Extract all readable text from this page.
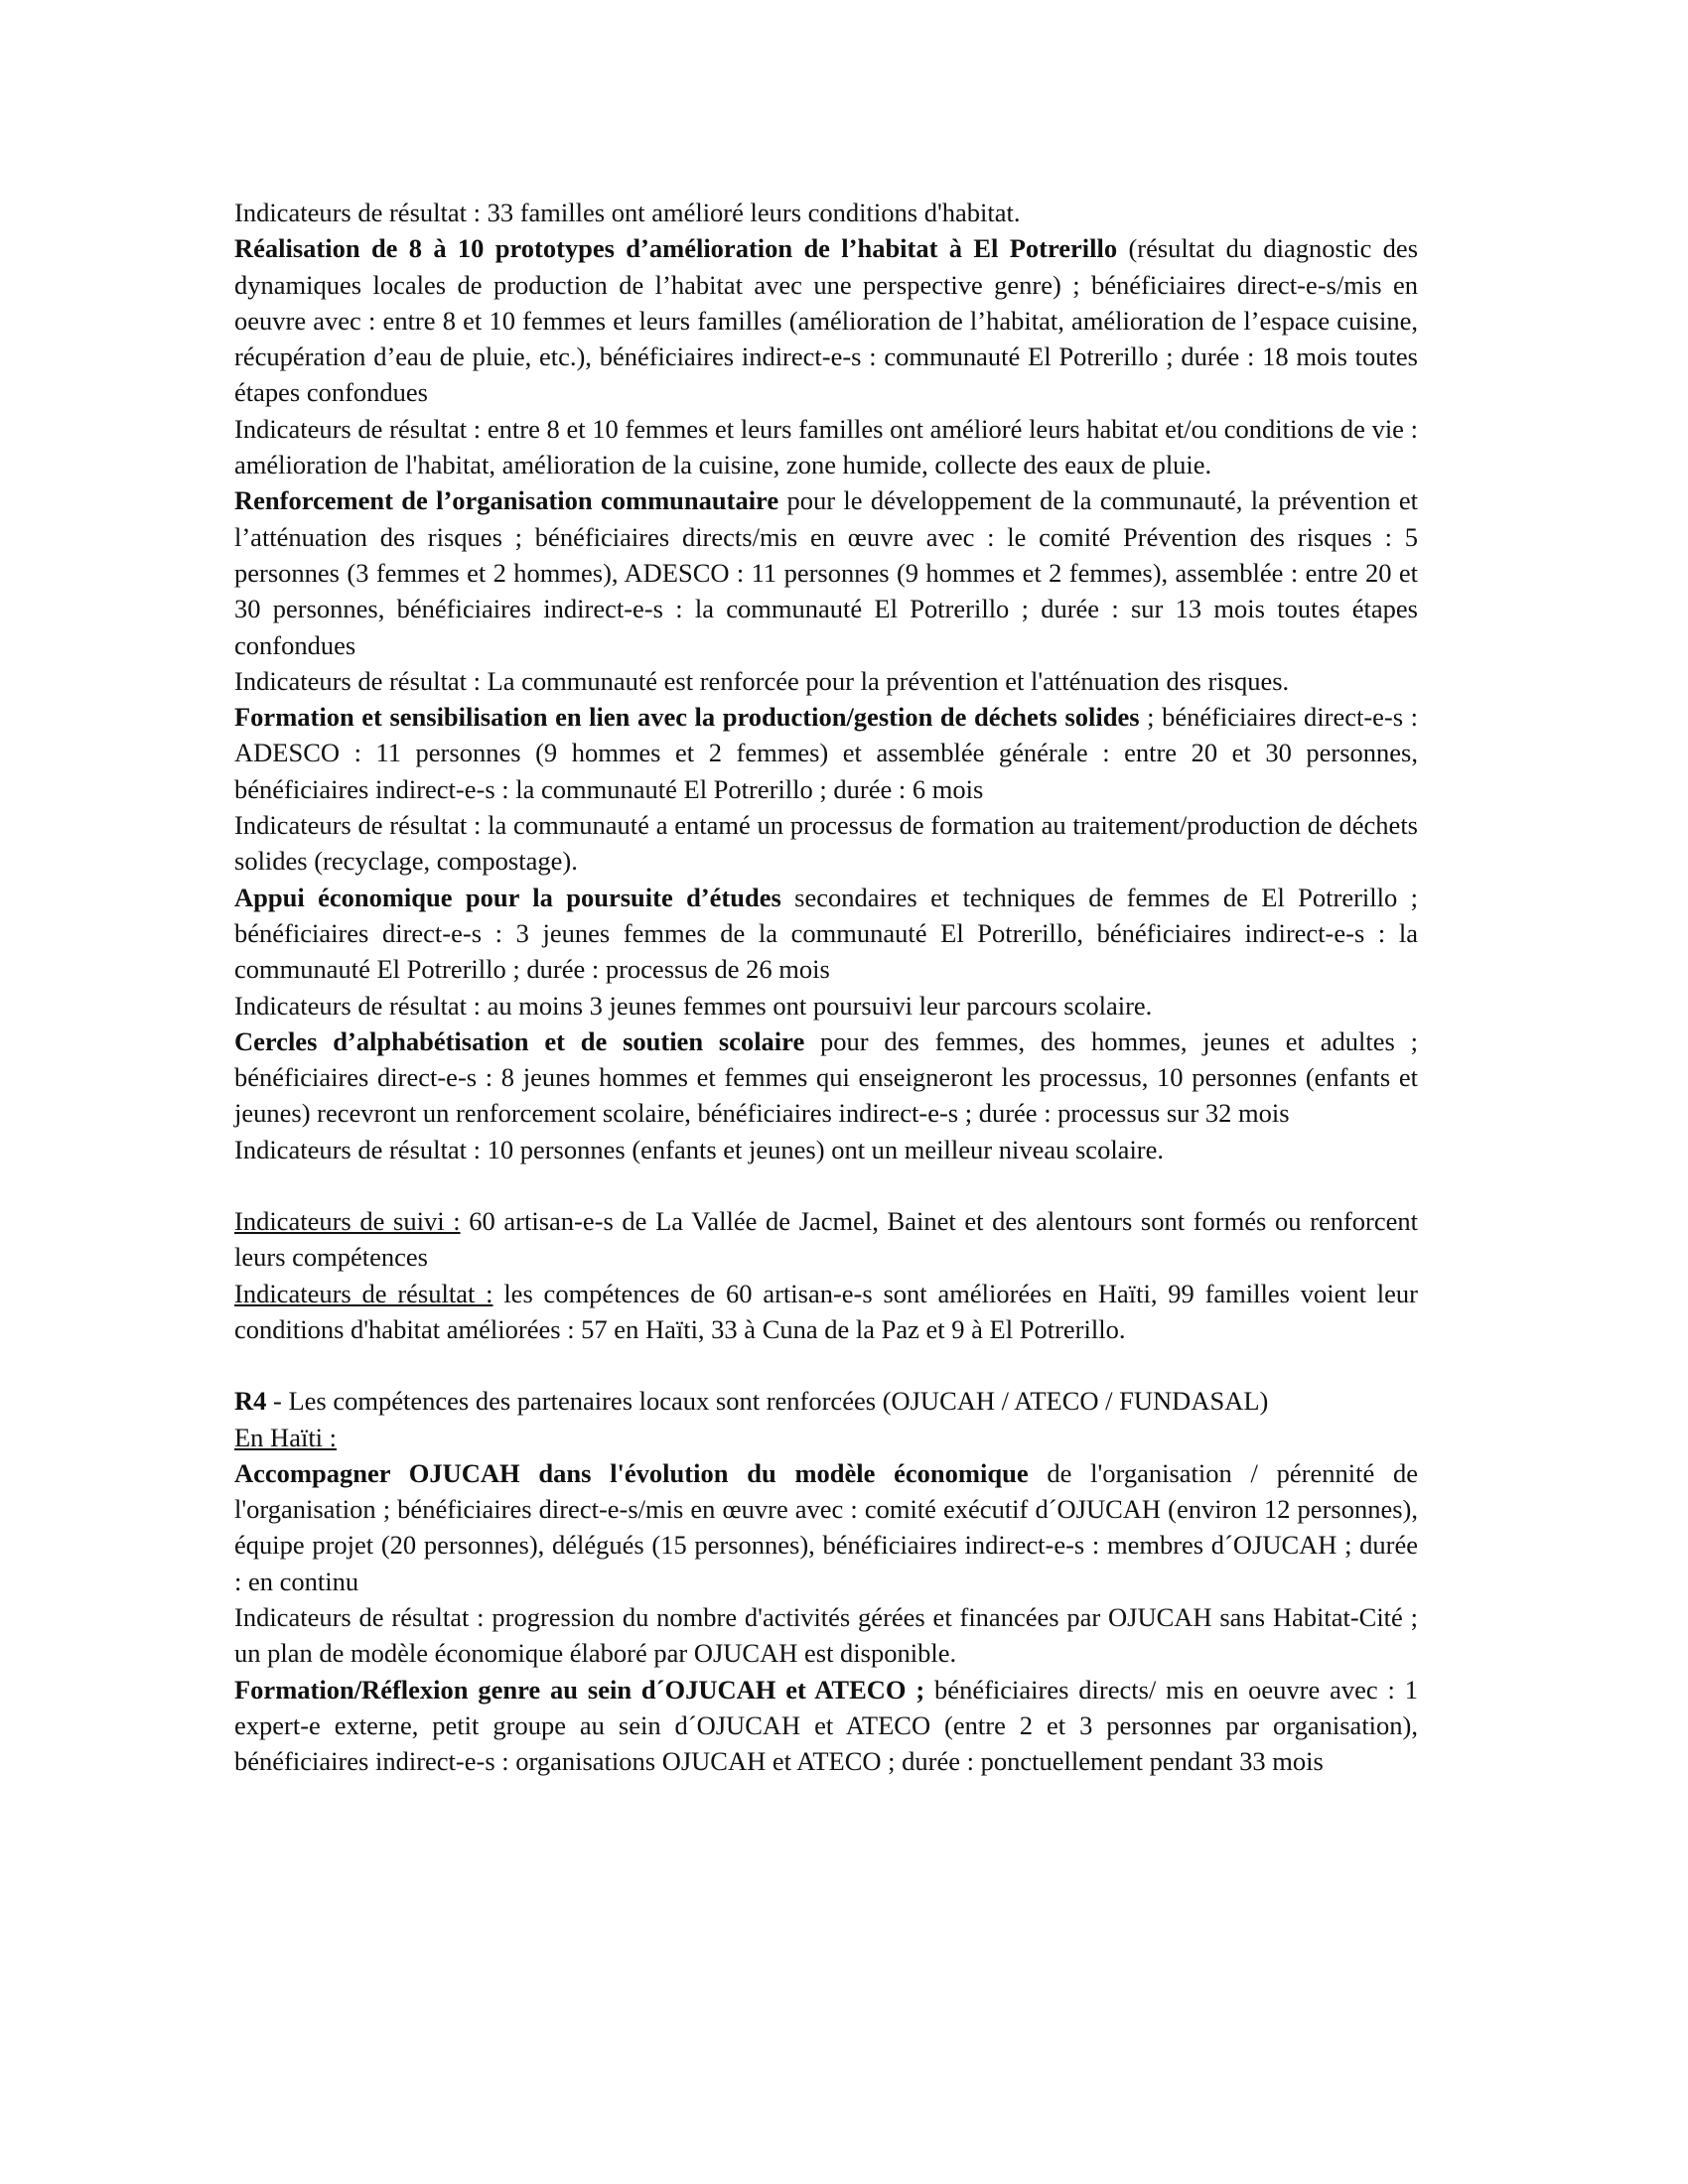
Indicateurs de résultat : 33 familles ont amélioré leurs conditions d'habitat.

Réalisation de 8 à 10 prototypes d’amélioration de l’habitat à El Potrerillo (résultat du diagnostic des dynamiques locales de production de l’habitat avec une perspective genre) ; bénéficiaires direct-e-s/mis en oeuvre avec : entre 8 et 10 femmes et leurs familles (amélioration de l’habitat, amélioration de l’espace cuisine, récupération d’eau de pluie, etc.), bénéficiaires indirect-e-s : communauté El Potrerillo ; durée : 18 mois toutes étapes confondues

Indicateurs de résultat : entre 8 et 10 femmes et leurs familles ont amélioré leurs habitat et/ou conditions de vie : amélioration de l'habitat, amélioration de la cuisine, zone humide, collecte des eaux de pluie.

Renforcement de l’organisation communautaire pour le développement de la communauté, la prévention et l’atténuation des risques ; bénéficiaires directs/mis en œuvre avec : le comité Prévention des risques : 5 personnes (3 femmes et 2 hommes), ADESCO : 11 personnes (9 hommes et 2 femmes), assemblée : entre 20 et 30 personnes, bénéficiaires indirect-e-s : la communauté El Potrerillo ; durée : sur 13 mois toutes étapes confondues

Indicateurs de résultat : La communauté est renforcée pour la prévention et l'atténuation des risques.

Formation et sensibilisation en lien avec la production/gestion de déchets solides ; bénéficiaires direct-e-s : ADESCO : 11 personnes (9 hommes et 2 femmes) et assemblée générale : entre 20 et 30 personnes, bénéficiaires indirect-e-s : la communauté El Potrerillo ; durée : 6 mois

Indicateurs de résultat : la communauté a entamé un processus de formation au traitement/production de déchets solides (recyclage, compostage).

Appui économique pour la poursuite d’études secondaires et techniques de femmes de El Potrerillo ; bénéficiaires direct-e-s : 3 jeunes femmes de la communauté El Potrerillo, bénéficiaires indirect-e-s : la communauté El Potrerillo ; durée : processus de 26 mois

Indicateurs de résultat : au moins 3 jeunes femmes ont poursuivi leur parcours scolaire.

Cercles d’alphabétisation et de soutien scolaire pour des femmes, des hommes, jeunes et adultes ; bénéficiaires direct-e-s : 8 jeunes hommes et femmes qui enseigneront les processus, 10 personnes (enfants et jeunes) recevront un renforcement scolaire, bénéficiaires indirect-e-s ; durée : processus sur 32 mois

Indicateurs de résultat : 10 personnes (enfants et jeunes) ont un meilleur niveau scolaire.

Indicateurs de suivi : 60 artisan-e-s de La Vallée de Jacmel, Bainet et des alentours sont formés ou renforcent leurs compétences

Indicateurs de résultat : les compétences de 60 artisan-e-s sont améliorées en Haïti, 99 familles voient leur conditions d'habitat améliorées : 57 en Haïti, 33 à Cuna de la Paz et 9 à El Potrerillo.

R4 - Les compétences des partenaires locaux sont renforcées (OJUCAH / ATECO / FUNDASAL)

En Haïti :

Accompagner OJUCAH dans l'évolution du modèle économique de l'organisation / pérennité de l'organisation ; bénéficiaires direct-e-s/mis en œuvre avec : comité exécutif d´OJUCAH (environ 12 personnes), équipe projet (20 personnes), délégués (15 personnes), bénéficiaires indirect-e-s : membres d´OJUCAH ; durée : en continu

Indicateurs de résultat : progression du nombre d'activités gérées et financées par OJUCAH sans Habitat-Cité ; un plan de modèle économique élaboré par OJUCAH est disponible.

Formation/Réflexion genre au sein d´OJUCAH et ATECO ; bénéficiaires directs/ mis en oeuvre avec : 1 expert-e externe, petit groupe au sein d´OJUCAH et ATECO (entre 2 et 3 personnes par organisation), bénéficiaires indirect-e-s : organisations OJUCAH et ATECO ; durée : ponctuellement pendant 33 mois
